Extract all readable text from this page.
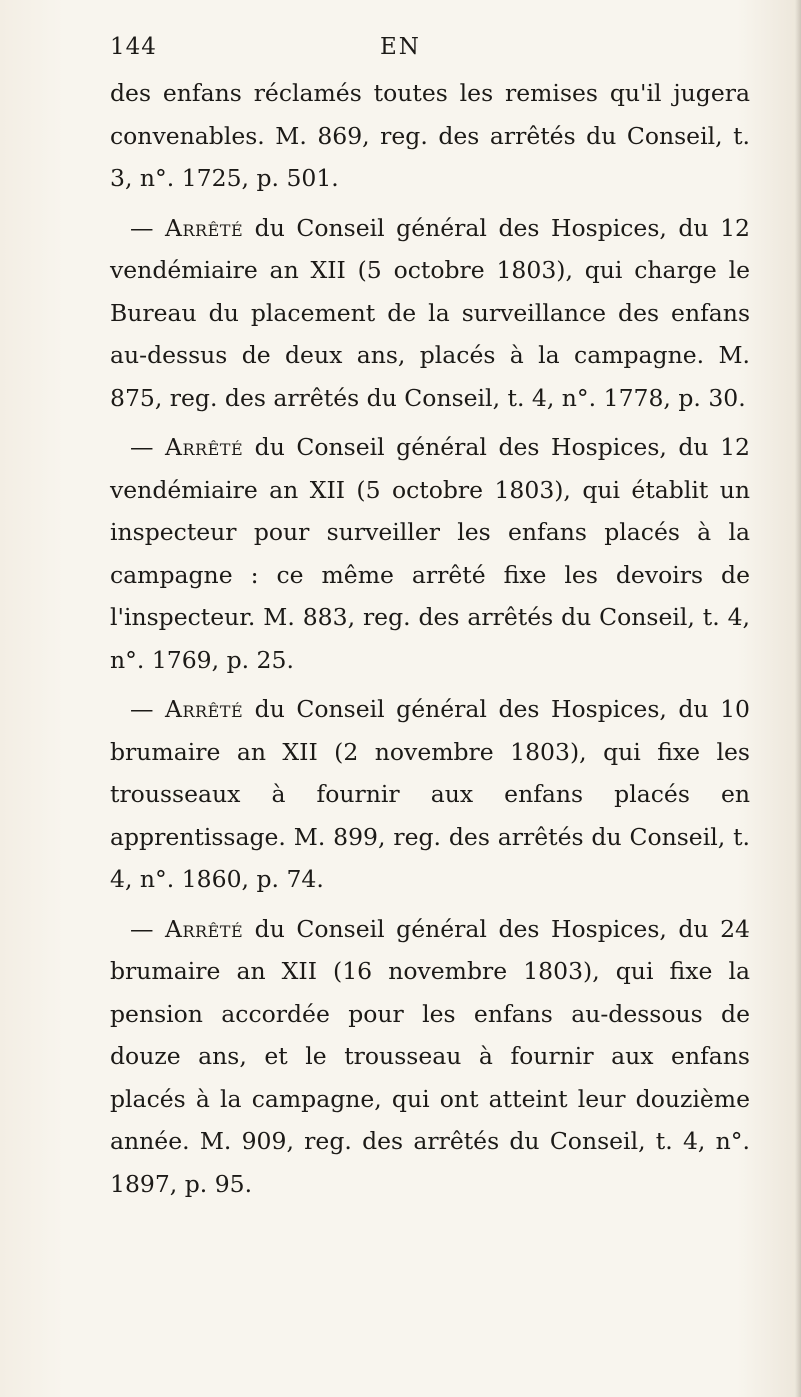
144	EN

des enfans réclamés toutes les remises qu'il jugera convenables. M. 869, reg. des arrêtés du Conseil, t. 3, n°. 1725, p. 501.

— Arrêté du Conseil général des Hospices, du 12 vendémiaire an XII (5 octobre 1803), qui charge le Bureau du placement de la surveillance des enfans au-dessus de deux ans, placés à la campagne. M. 875, reg. des arrêtés du Conseil, t. 4, n°. 1778, p. 30.

— Arrêté du Conseil général des Hospices, du 12 vendémiaire an XII (5 octobre 1803), qui établit un inspecteur pour surveiller les enfans placés à la campagne : ce même arrêté fixe les devoirs de l'inspecteur. M. 883, reg. des arrêtés du Conseil, t. 4, n°. 1769, p. 25.

— Arrêté du Conseil général des Hospices, du 10 brumaire an XII (2 novembre 1803), qui fixe les trousseaux à fournir aux enfans placés en apprentissage. M. 899, reg. des arrêtés du Conseil, t. 4, n°. 1860, p. 74.

— Arrêté du Conseil général des Hospices, du 24 brumaire an XII (16 novembre 1803), qui fixe la pension accordée pour les enfans au-dessous de douze ans, et le trousseau à fournir aux enfans placés à la campagne, qui ont atteint leur douzième année. M. 909, reg. des arrêtés du Conseil, t. 4, n°. 1897, p. 95.
